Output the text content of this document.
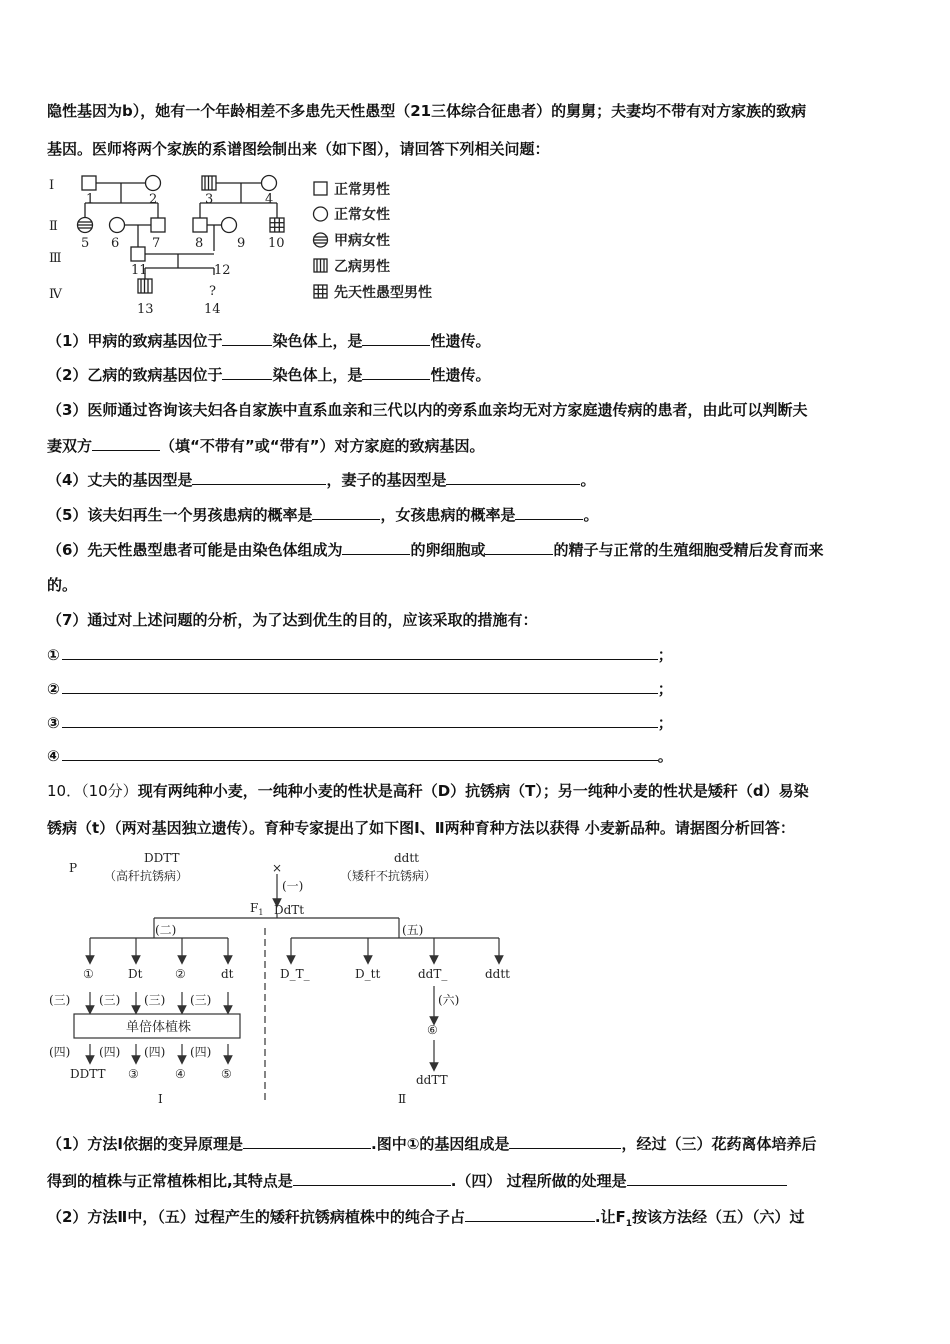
隐性基因为b），她有一个年龄相差不多患先天性愚型（21三体综合征患者）的舅舅；夫妻均不带有对方家族的致病
基因。医师将两个家族的系谱图绘制出来（如下图），请回答下列相关问题：
Ⅰ
Ⅱ
Ⅲ
Ⅳ
1	2	3	4
5 6	7	8	9 10
11	12
13
?
14
正常男性
正常女性
甲病女性
乙病男性
先天性愚型男性
（1）甲病的致病基因位于	染色体上，是	性遗传。
（2）乙病的致病基因位于	染色体上，是	性遗传。
（3）医师通过咨询该夫妇各自家族中直系血亲和三代以内的旁系血亲均无对方家庭遗传病的患者，由此可以判断夫
妻双方	（填“不带有”或“带有”）对方家庭的致病基因。
（4）丈夫的基因型是	，妻子的基因型是	。
（5）该夫妇再生一个男孩患病的概率是	，女孩患病的概率是	。
（6）先天性愚型患者可能是由染色体组成为	的卵细胞或	的精子与正常的生殖细胞受精后发育而来
的。
（7）通过对上述问题的分析，为了达到优生的目的，应该采取的措施有：
①	；
②	；
③	；
④	。
10．（10分）现有两纯种小麦，一纯种小麦的性状是高秆（D）抗锈病（T）；另一纯种小麦的性状是矮秆（d）易染
锈病（t）（两对基因独立遗传）。育种专家提出了如下图Ⅰ、Ⅱ两种育种方法以获得 小麦新品种。请据图分析回答：
P
DDTT
（高秆抗锈病）
×
(一)
ddtt
（矮秆不抗锈病）
$F_1$ DdTt
(二)	(五)
①	Dt	②	dt
(三) (三) (三) (三)
单倍体植株
(四) (四) (四) (四)
DDTT ③	④	⑤
D_T_	D_tt	ddT_	ddtt
(六)
⑥
ddTT
Ⅰ	Ⅱ
（1）方法Ⅰ依据的变异原理是	.图中①的基因组成是	，经过（三）花药离体培养后
得到的植株与正常植株相比,其特点是	.（四） 过程所做的处理是
（2）方法Ⅱ中，（五）过程产生的矮秆抗锈病植株中的纯合子占	.让$F_1$按该方法经（五）（六）过
